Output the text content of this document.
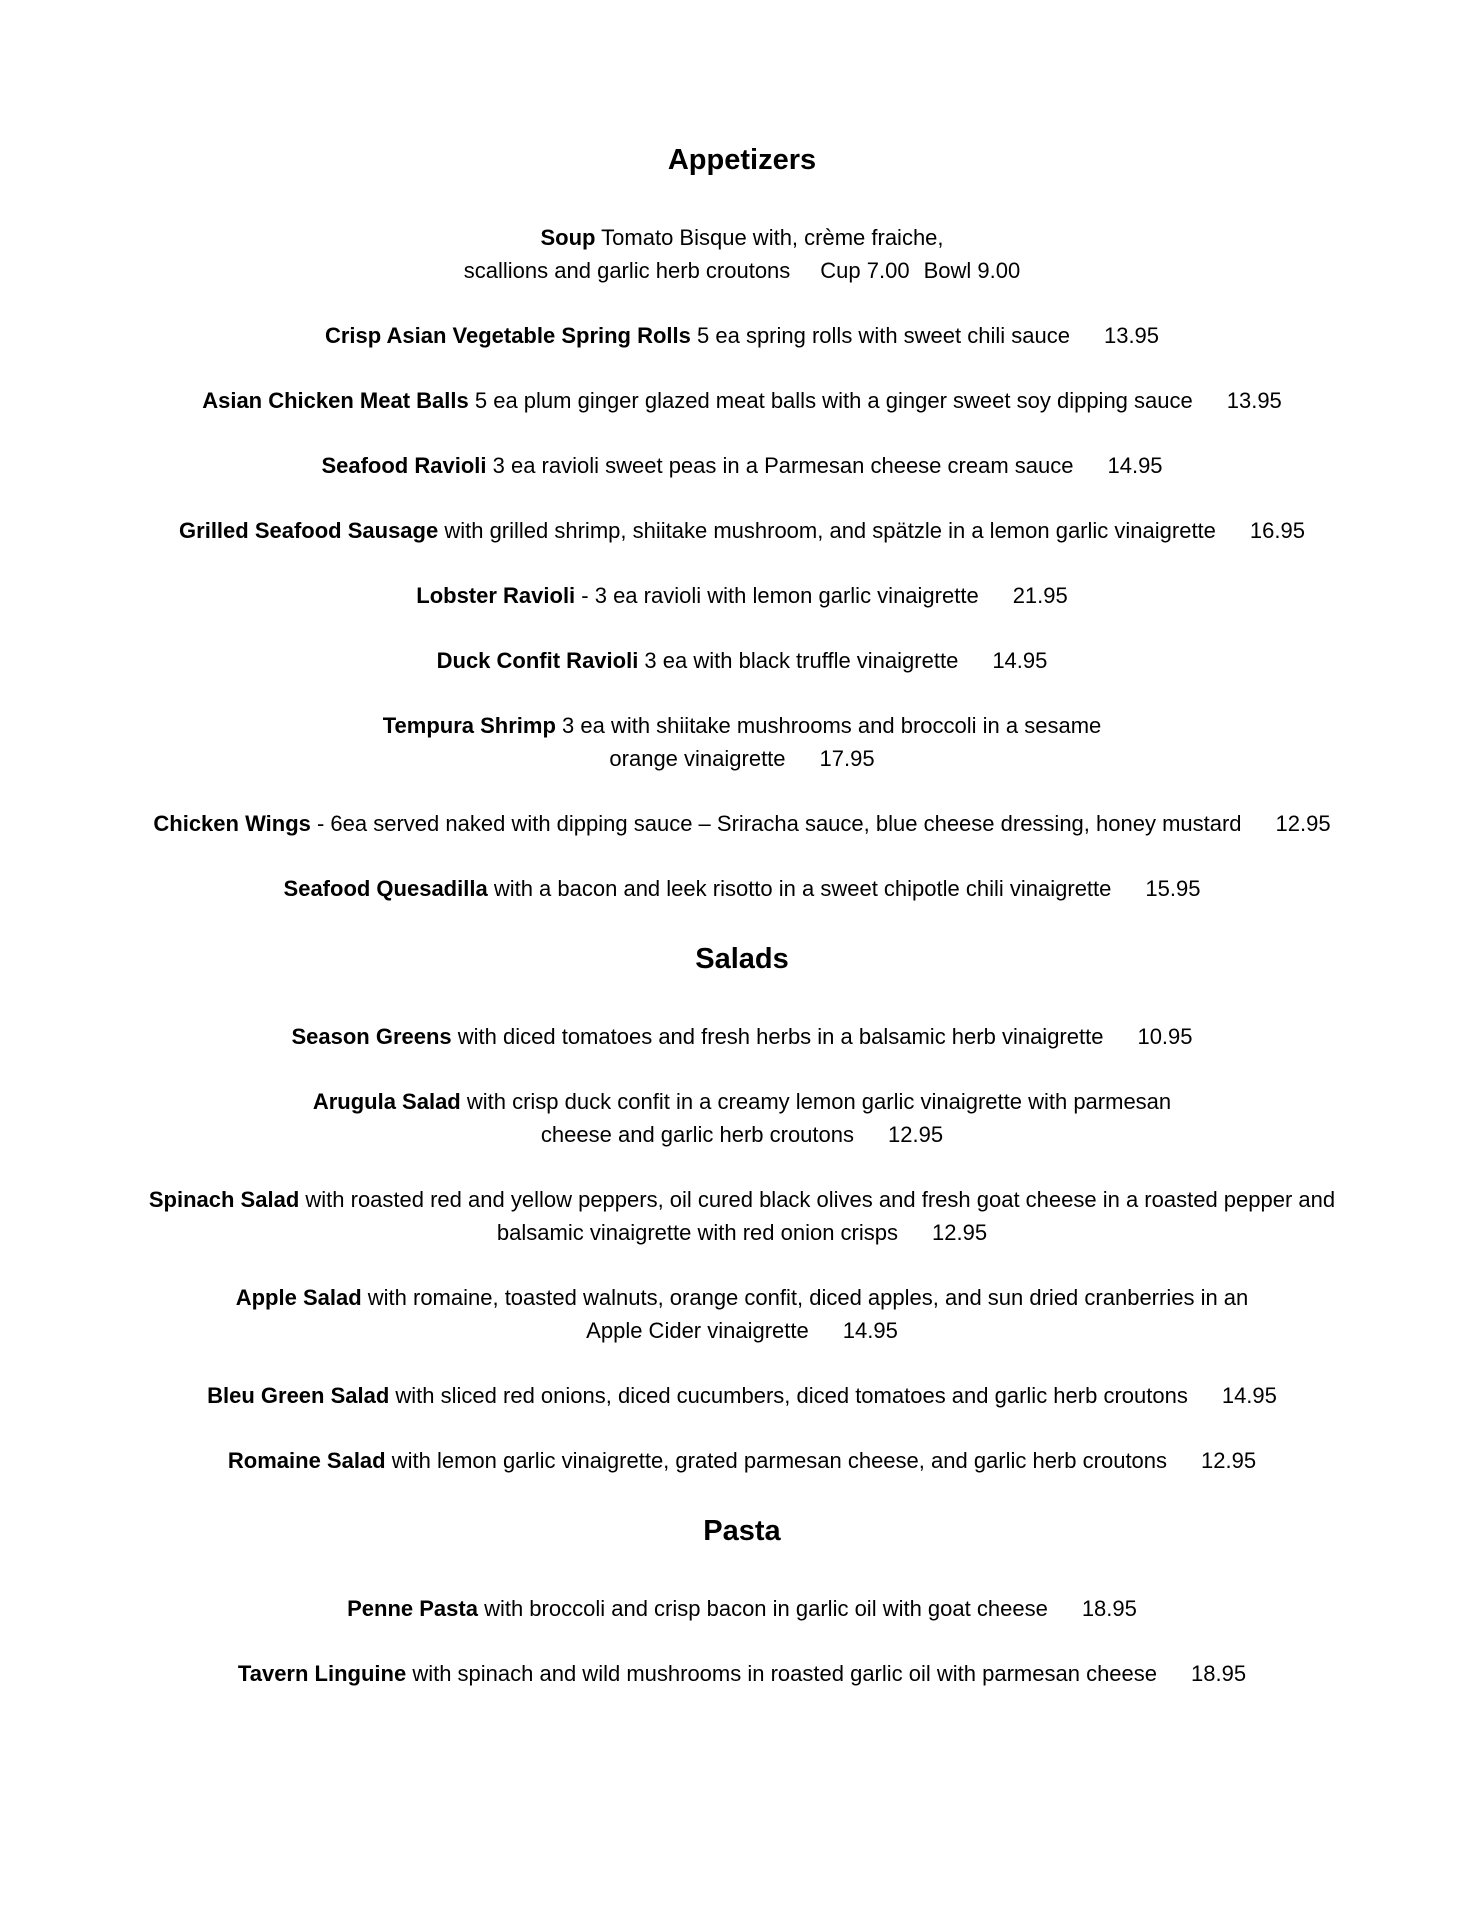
Appetizers
Soup Tomato Bisque with, crème fraiche,
scallions and garlic herb croutons Cup 7.00 Bowl 9.00
Crisp Asian Vegetable Spring Rolls 5 ea spring rolls with sweet chili sauce 13.95
Asian Chicken Meat Balls 5 ea plum ginger glazed meat balls with a ginger sweet soy dipping sauce 13.95
Seafood Ravioli 3 ea ravioli sweet peas in a Parmesan cheese cream sauce 14.95
Grilled Seafood Sausage with grilled shrimp, shiitake mushroom, and spätzle in a lemon garlic vinaigrette 16.95
Lobster Ravioli - 3 ea ravioli with lemon garlic vinaigrette 21.95
Duck Confit Ravioli 3 ea with black truffle vinaigrette 14.95
Tempura Shrimp 3 ea with shiitake mushrooms and broccoli in a sesame
orange vinaigrette 17.95
Chicken Wings - 6ea served naked with dipping sauce – Sriracha sauce, blue cheese dressing, honey mustard 12.95
Seafood Quesadilla with a bacon and leek risotto in a sweet chipotle chili vinaigrette 15.95
Salads
Season Greens with diced tomatoes and fresh herbs in a balsamic herb vinaigrette 10.95
Arugula Salad with crisp duck confit in a creamy lemon garlic vinaigrette with parmesan
cheese and garlic herb croutons 12.95
Spinach Salad with roasted red and yellow peppers, oil cured black olives and fresh goat cheese in a roasted pepper and
balsamic vinaigrette with red onion crisps 12.95
Apple Salad with romaine, toasted walnuts, orange confit, diced apples, and sun dried cranberries in an
Apple Cider vinaigrette 14.95
Bleu Green Salad with sliced red onions, diced cucumbers, diced tomatoes and garlic herb croutons 14.95
Romaine Salad with lemon garlic vinaigrette, grated parmesan cheese, and garlic herb croutons 12.95
Pasta
Penne Pasta with broccoli and crisp bacon in garlic oil with goat cheese 18.95
Tavern Linguine with spinach and wild mushrooms in roasted garlic oil with parmesan cheese 18.95
